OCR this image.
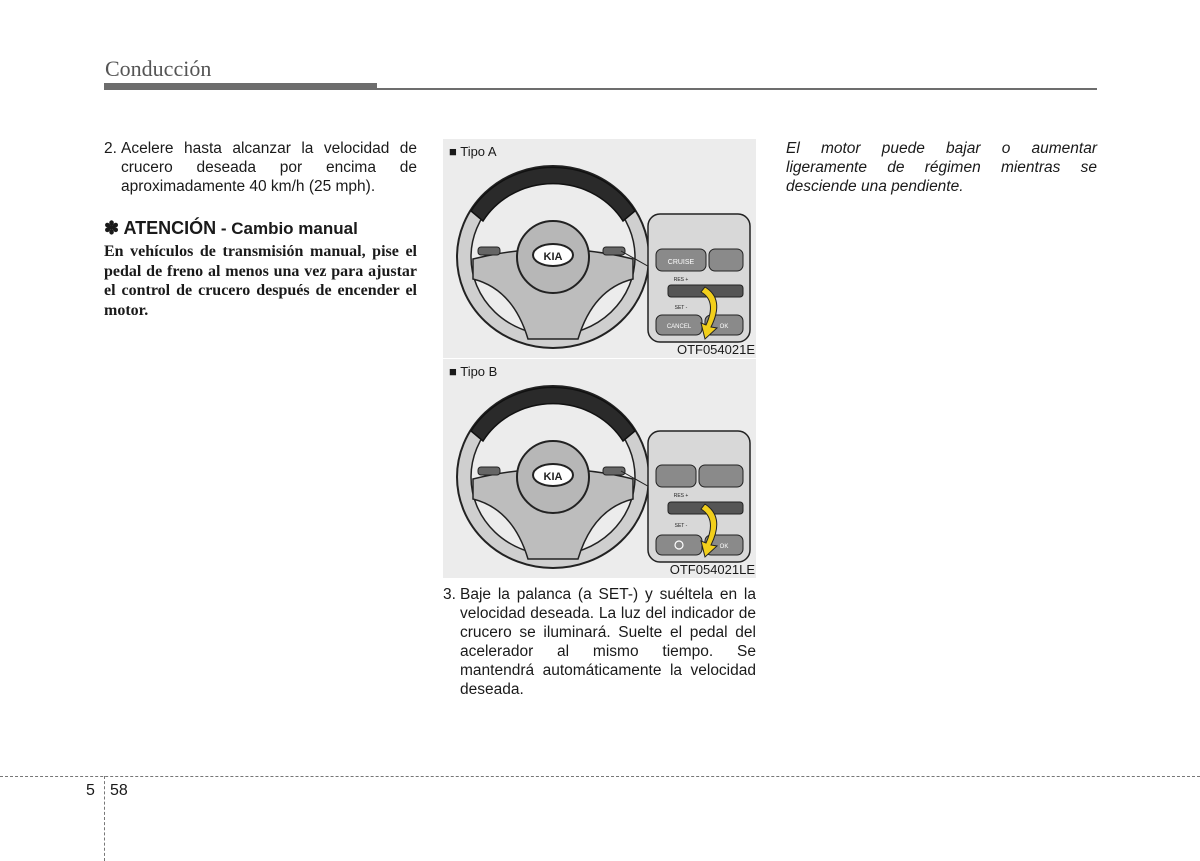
Conducción
2. Acelere hasta alcanzar la velocidad de crucero deseada por encima de aproximadamente 40 km/h (25 mph).
✽ ATENCIÓN - Cambio manual
En vehículos de transmisión manual, pise el pedal de freno al menos una vez para ajustar el control de crucero después de encender el motor.
KIA	CRUISE
RES +
SET -
CANCEL	OK
■ Tipo A
OTF054021E
KIA
RES +
SET -
OK
■ Tipo B
OTF054021LE
3. Baje la palanca (a SET-) y suéltela en la velocidad deseada. La luz del indicador de crucero se iluminará. Suelte el pedal del acelerador al mismo tiempo. Se mantendrá automáticamente la velocidad deseada.
El motor puede bajar o aumentar ligeramente de régimen mientras se desciende una pendiente.
5 58
